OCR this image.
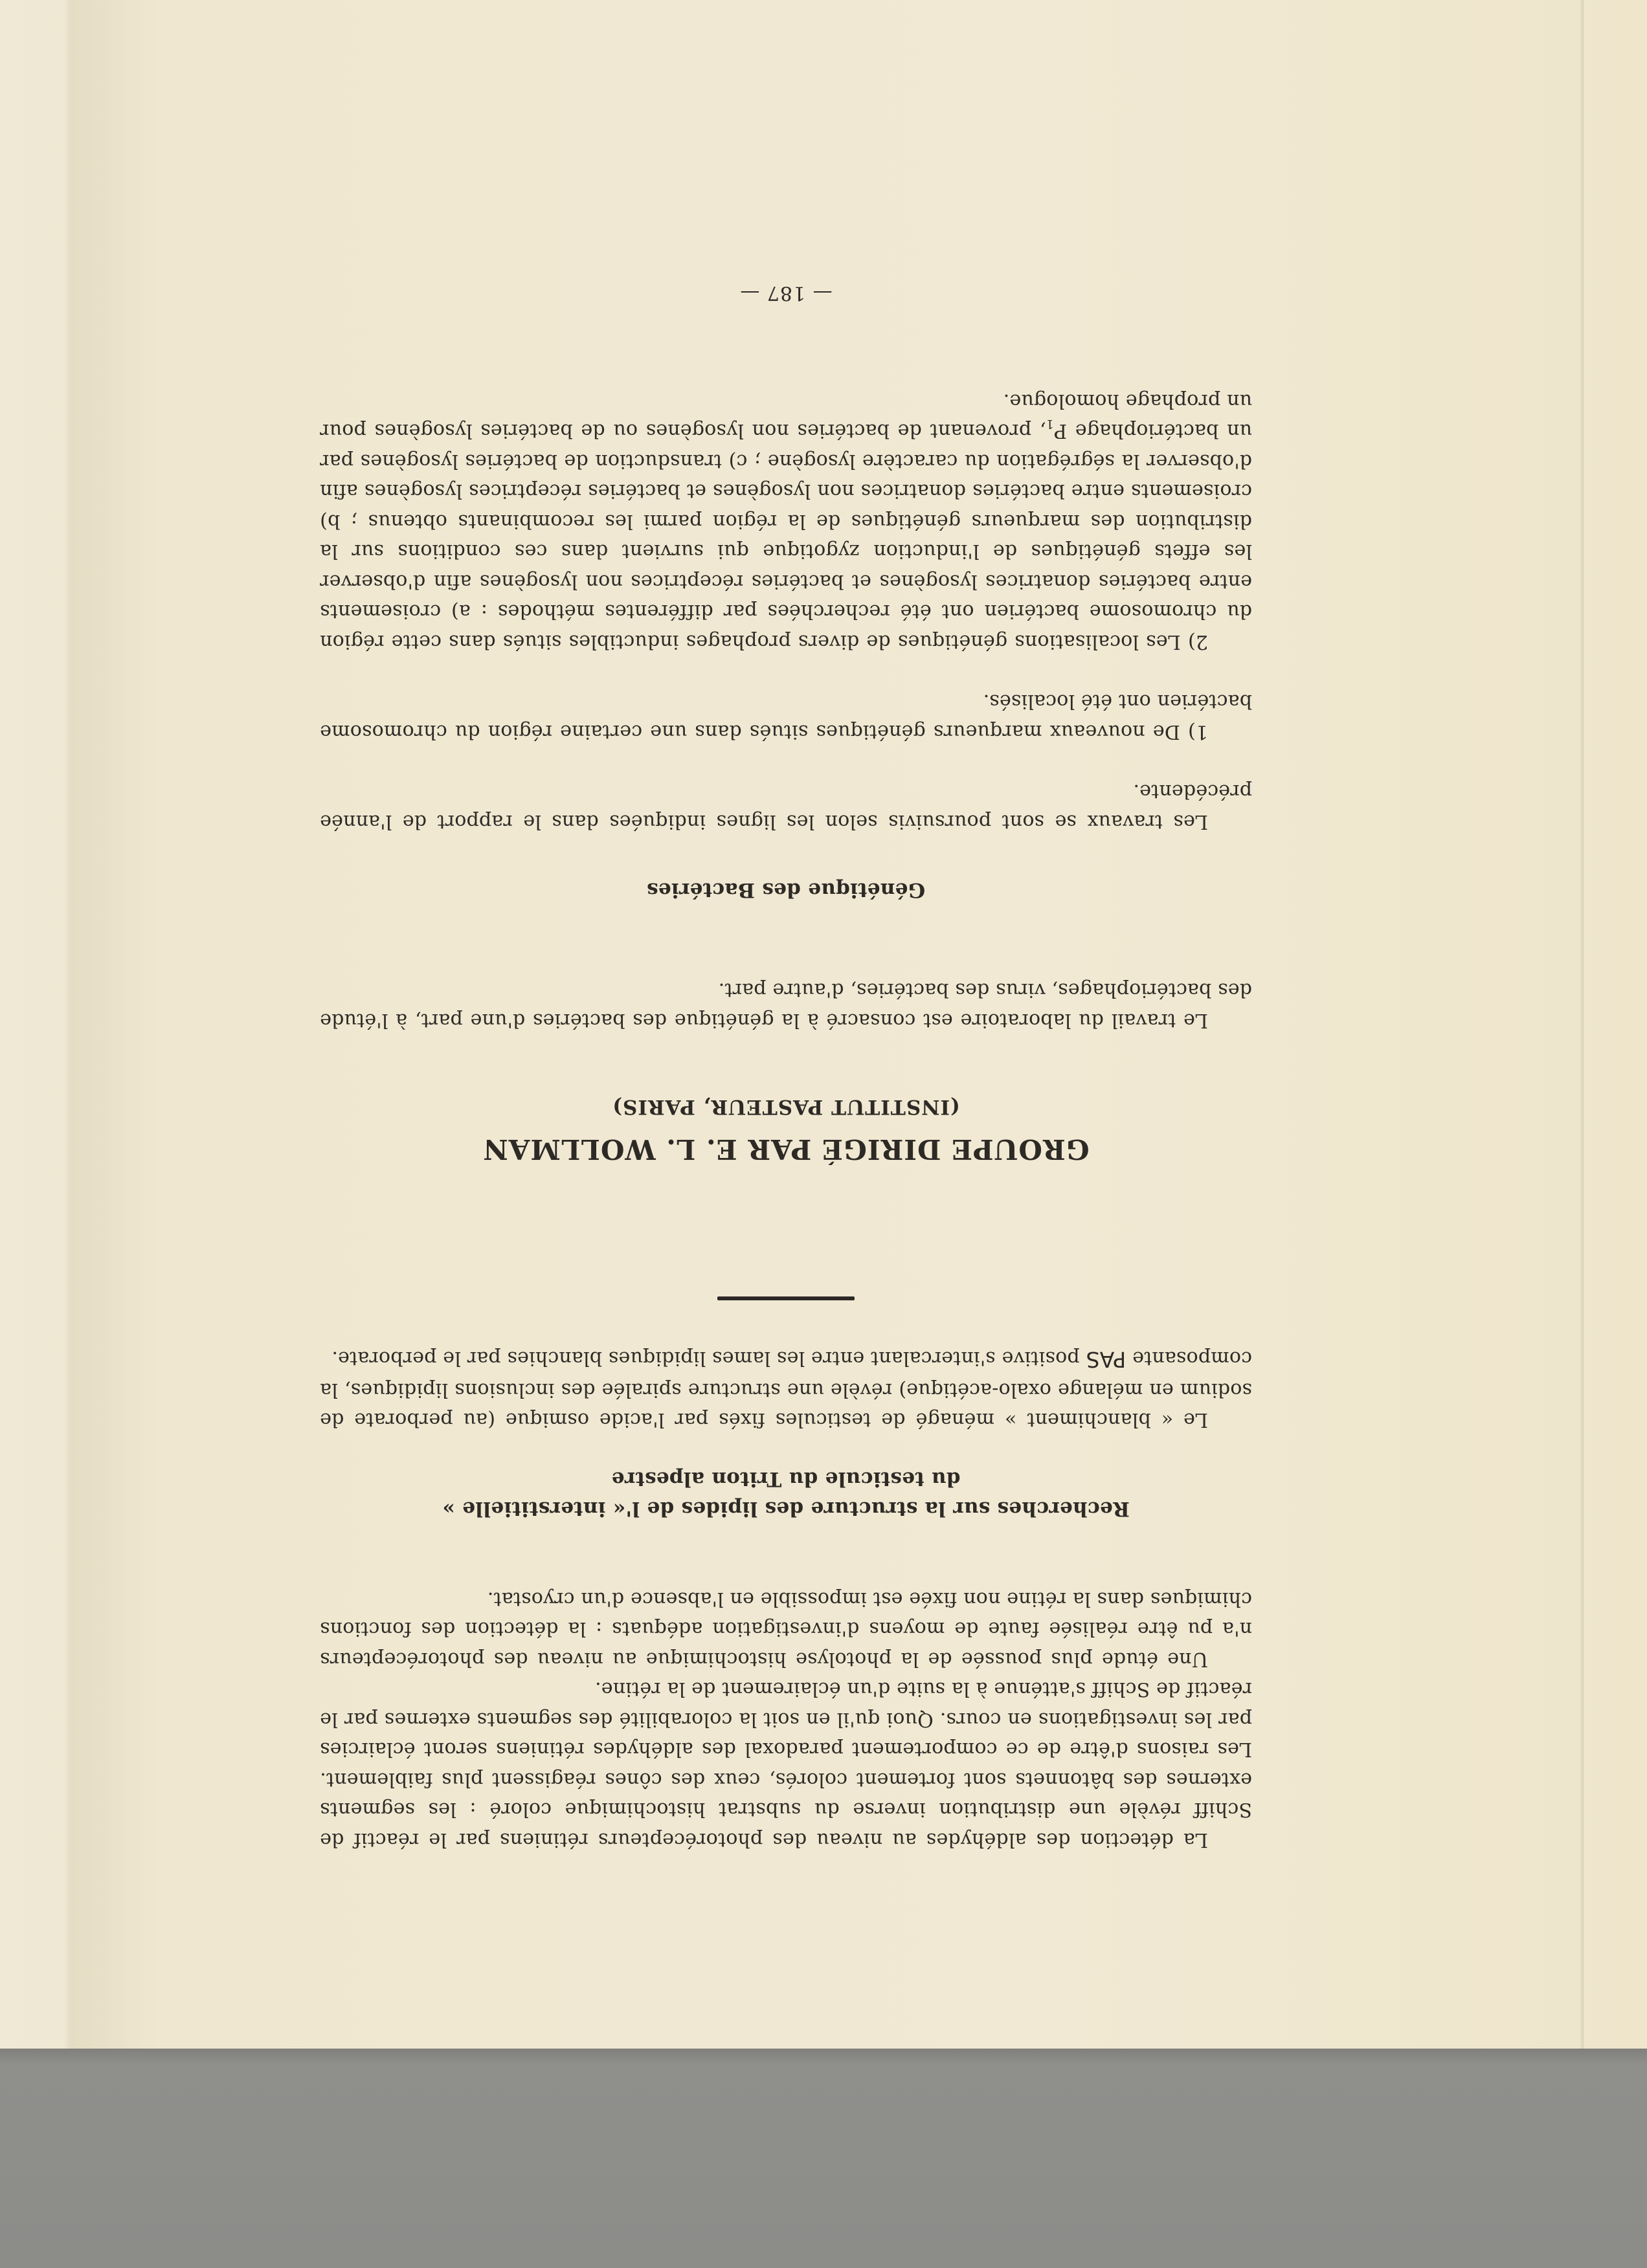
La détection des aldéhydes au niveau des photorécepteurs rétiniens par le réactif de Schiff révèle une distribution inverse du substrat histochimique coloré : les segments externes des bâtonnets sont fortement colorés, ceux des cônes réagissent plus faiblement. Les raisons d'être de ce comportement paradoxal des aldéhydes rétiniens seront éclaircies par les investigations en cours. Quoi qu'il en soit la colorabilité des segments externes par le réactif de Schiff s'atténue à la suite d'un éclairement de la rétine.

Une étude plus poussée de la photolyse histochimique au niveau des photorécepteurs n'a pu être réalisée faute de moyens d'investigation adéquats : la détection des fonctions chimiques dans la rétine non fixée est impossible en l'absence d'un cryostat.

Recherches sur la structure des lipides de l'« interstitielle »

du testicule du Triton alpestre

Le « blanchiment » ménagé de testicules fixés par l'acide osmique (au perborate de sodium en mélange oxalo-acétique) révèle une structure spiralée des inclusions lipidiques, la composante PAS positive s'intercalant entre les lames lipidiques blanchies par le perborate.

GROUPE DIRIGÉ PAR E. L. WOLLMAN

(INSTITUT PASTEUR, PARIS)

Le travail du laboratoire est consacré à la génétique des bactéries d'une part, à l'étude des bactériophages, virus des bactéries, d'autre part.

Génétique des Bactéries

Les travaux se sont poursuivis selon les lignes indiquées dans le rapport de l'année précédente.

1) De nouveaux marqueurs génétiques situés dans une certaine région du chromosome bactérien ont été localisés.

2) Les localisations génétiques de divers prophages inductibles situés dans cette région du chromosome bactérien ont été recherchées par différentes méthodes : a) croisements entre bactéries donatrices lysogènes et bactéries réceptrices non lysogènes afin d'observer les effets génétiques de l'induction zygotique qui survient dans ces conditions sur la distribution des marqueurs génétiques de la région parmi les recombinants obtenus ; b) croisements entre bactéries donatrices non lysogènes et bactéries réceptrices lysogènes afin d'observer la ségrégation du caractère lysogène ; c) transduction de bactéries lysogènes par un bactériophage $P_1$, provenant de bactéries non lysogènes ou de bactéries lysogènes pour un prophage homologue.

— 187 —
